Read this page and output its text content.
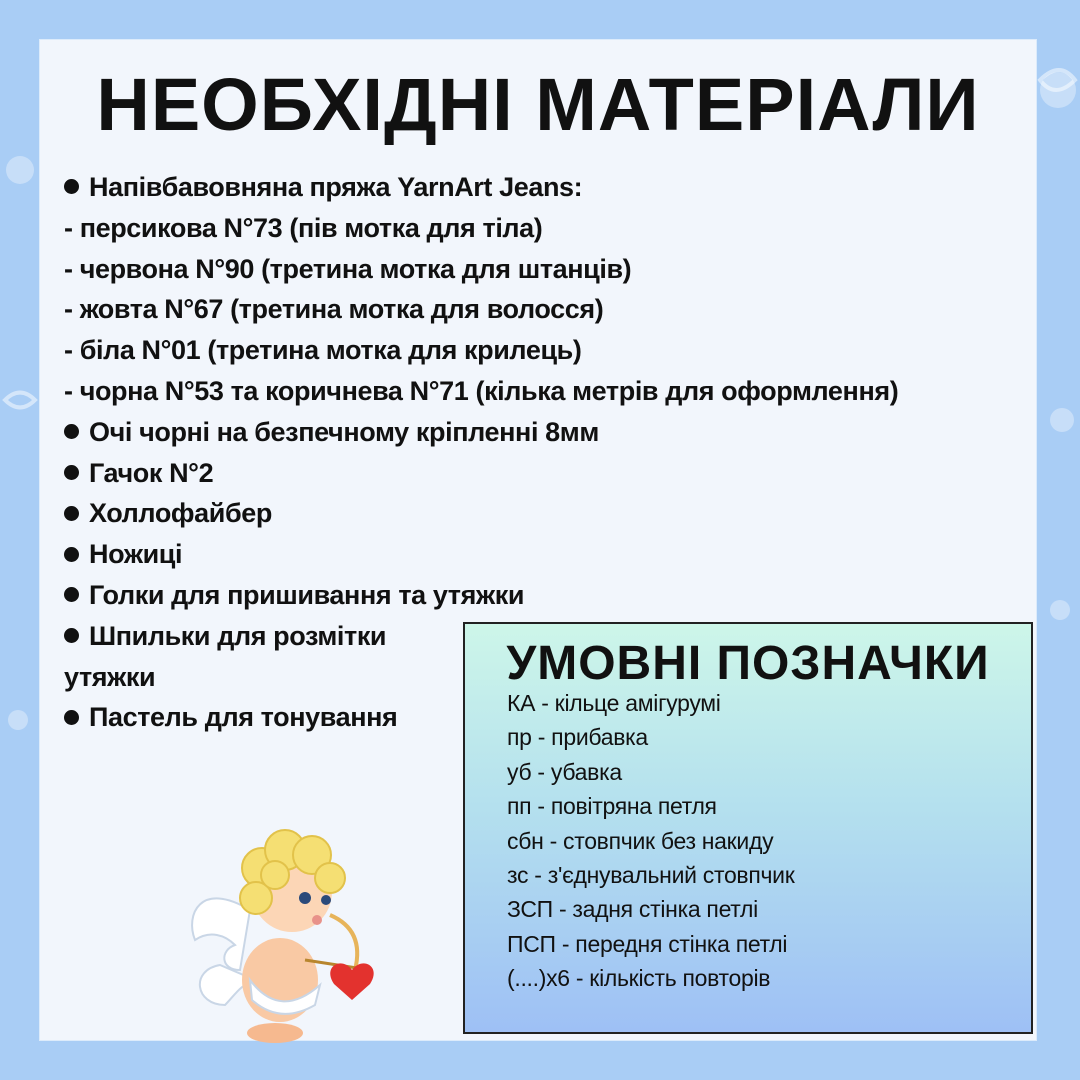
НЕОБХІДНІ МАТЕРІАЛИ
Напівбавовняна пряжа YarnArt Jeans:
- персикова N°73 (пів мотка для тіла)
- червона N°90 (третина мотка для штанців)
- жовта N°67 (третина мотка для волосся)
- біла N°01 (третина мотка для крилець)
- чорна N°53 та коричнева N°71 (кілька метрів для оформлення)
Очі чорні на безпечному кріпленні 8мм
Гачок N°2
Холлофайбер
Ножиці
Голки для пришивання та утяжки
Шпильки для розмітки утяжки
Пастель для тонування
УМОВНІ ПОЗНАЧКИ
КА - кільце амігурумі
пр - прибавка
уб - убавка
пп - повітряна петля
сбн - стовпчик без накиду
зс - з'єднувальний стовпчик
ЗСП - задня стінка петлі
ПСП - передня стінка петлі
(....)x6 - кількість повторів
